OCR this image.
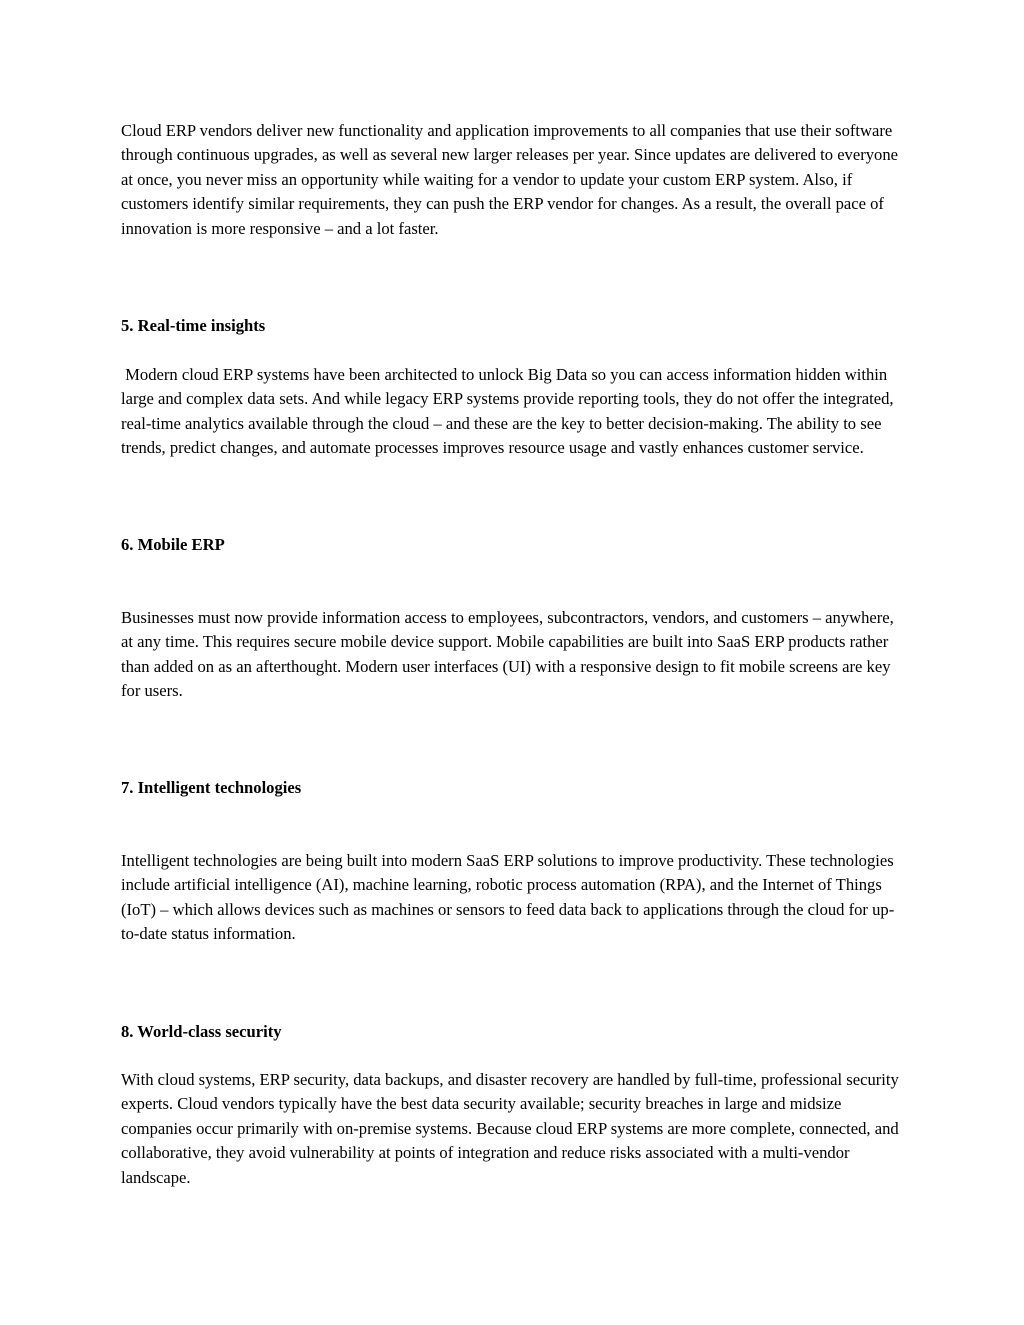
Cloud ERP vendors deliver new functionality and application improvements to all companies that use their software through continuous upgrades, as well as several new larger releases per year. Since updates are delivered to everyone at once, you never miss an opportunity while waiting for a vendor to update your custom ERP system. Also, if customers identify similar requirements, they can push the ERP vendor for changes. As a result, the overall pace of innovation is more responsive – and a lot faster.

5. Real-time insights

Modern cloud ERP systems have been architected to unlock Big Data so you can access information hidden within large and complex data sets. And while legacy ERP systems provide reporting tools, they do not offer the integrated, real-time analytics available through the cloud – and these are the key to better decision-making. The ability to see trends, predict changes, and automate processes improves resource usage and vastly enhances customer service.

6. Mobile ERP

Businesses must now provide information access to employees, subcontractors, vendors, and customers – anywhere, at any time. This requires secure mobile device support. Mobile capabilities are built into SaaS ERP products rather than added on as an afterthought. Modern user interfaces (UI) with a responsive design to fit mobile screens are key for users.

7. Intelligent technologies

Intelligent technologies are being built into modern SaaS ERP solutions to improve productivity. These technologies include artificial intelligence (AI), machine learning, robotic process automation (RPA), and the Internet of Things (IoT) – which allows devices such as machines or sensors to feed data back to applications through the cloud for up-to-date status information.

8. World-class security

With cloud systems, ERP security, data backups, and disaster recovery are handled by full-time, professional security experts. Cloud vendors typically have the best data security available; security breaches in large and midsize companies occur primarily with on-premise systems. Because cloud ERP systems are more complete, connected, and collaborative, they avoid vulnerability at points of integration and reduce risks associated with a multi-vendor landscape.
